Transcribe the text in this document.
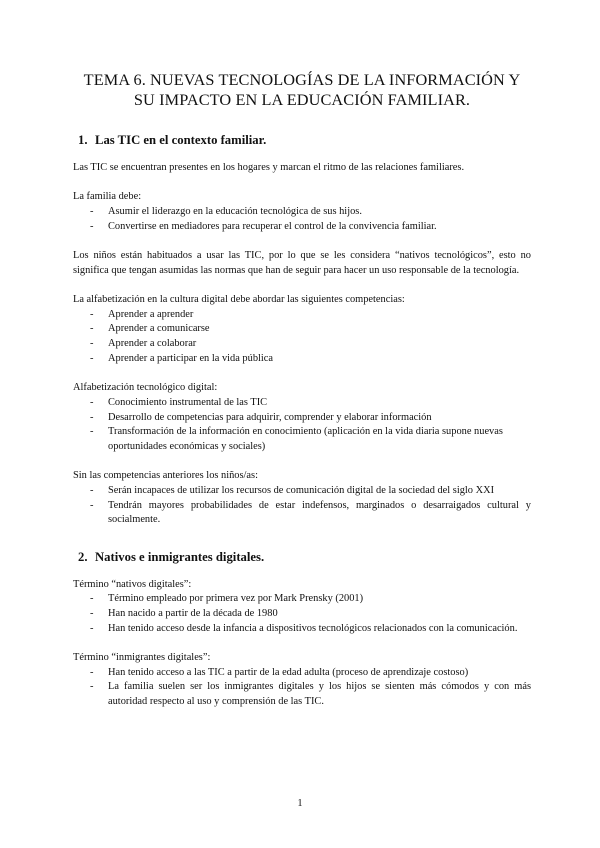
TEMA 6. NUEVAS TECNOLOGÍAS DE LA INFORMACIÓN Y
SU IMPACTO EN LA EDUCACIÓN FAMILIAR.
1. Las TIC en el contexto familiar.

Las TIC se encuentran presentes en los hogares y marcan el ritmo de las relaciones familiares.

La familia debe:

-	Asumir el liderazgo en la educación tecnológica de sus hijos.
-	Convertirse en mediadores para recuperar el control de la convivencia familiar.

Los niños están habituados a usar las TIC, por lo que se les considera “nativos tecnológicos”, esto no significa que tengan asumidas las normas que han de seguir para hacer un uso responsable de la tecnología.

La alfabetización en la cultura digital debe abordar las siguientes competencias:

-	Aprender a aprender
-	Aprender a comunicarse
-	Aprender a colaborar
-	Aprender a participar en la vida pública

Alfabetización tecnológico digital:

-	Conocimiento instrumental de las TIC
-	Desarrollo de competencias para adquirir, comprender y elaborar información
-	Transformación de la información en conocimiento (aplicación en la vida diaria supone nuevas oportunidades económicas y sociales)

Sin las competencias anteriores los niños/as:

-	Serán incapaces de utilizar los recursos de comunicación digital de la sociedad del siglo XXI
-	Tendrán mayores probabilidades de estar indefensos, marginados o desarraigados cultural y socialmente.
2. Nativos e inmigrantes digitales.

Término “nativos digitales”:

-	Término empleado por primera vez por Mark Prensky (2001)
-	Han nacido a partir de la década de 1980
-	Han tenido acceso desde la infancia a dispositivos tecnológicos relacionados con la comunicación.

Término “inmigrantes digitales”:

-	Han tenido acceso a las TIC a partir de la edad adulta (proceso de aprendizaje costoso)
-	La familia suelen ser los inmigrantes digitales y los hijos se sienten más cómodos y con más autoridad respecto al uso y comprensión de las TIC.
1
